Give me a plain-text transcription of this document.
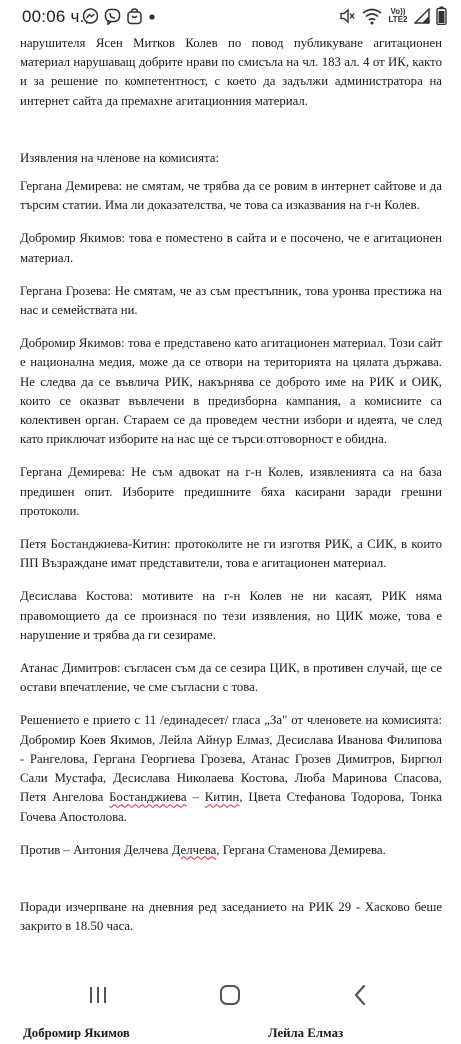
00:06 ч.	Vo))
LTE2

нарушителя Ясен Митков Колев по повод публикуване агитационен материал нарушаващ добрите нрави по смисъла на чл. 183 ал. 4 от ИК, както и за решение по компетентност, с което да задължи администратора на интернет сайта да премахне агитационния материал.

Изявления на членове на комисията:

Гергана Демирева: не смятам, че трябва да се ровим в интернет сайтове и да търсим статии. Има ли доказателства, че това са изказвания на г-н Колев.

Добромир Якимов: това е поместено в сайта и е посочено, че е агитационен материал.

Гергана Грозева: Не смятам, че аз съм престъпник, това уронва престижа на нас и семействата ни.

Добромир Якимов: това е представено като агитационен материал. Този сайт е национална медия, може да се отвори на територията на цялата държава. Не следва да се въвлича РИК, накърнява се доброто име на РИК и ОИК, които се оказват въвлечени в предизборна кампания, а комисиите са колективен орган. Стараем се да проведем честни избори и идеята, че след като приключат изборите на нас ще се търси отговорност е обидна.

Гергана Демирева: Не съм адвокат на г-н Колев, изявленията са на база предишен опит. Изборите предишните бяха касирани заради грешни протоколи.

Петя Бостанджиева-Китин: протоколите не ги изготвя РИК, а СИК, в които ПП Възраждане имат представители, това е агитационен материал.

Десислава Костова: мотивите на г-н Колев не ни касаят, РИК няма правомощието да се произнася по тези изявления, но ЦИК може, това е нарушение и трябва да ги сезираме.

Атанас Димитров: съгласен съм да се сезира ЦИК, в противен случай, ще се остави впечатление, че сме съгласни с това.

Решението е прието с 11 /единадесет/ гласа „За" от членовете на комисията: Добромир Коев Якимов, Лейла Айнур Елмаз, Десислава Иванова Филипова - Рангелова, Гергана Георгиева Грозева, Атанас Грозев Димитров, Биргюл Сали Мустафа, Десислава Николаева Костова, Люба Маринова Спасова, Петя Ангелова Бостанджиева – Китин, Цвета Стефанова Тодорова, Тонка Гочева Апостолова.

Против – Антония Делчева Делчева, Гергана Стаменова Демирева.

Поради изчерпване на дневния ред заседанието на РИК 29 - Хасково беше закрито в 18.50 часа.

Добромир Якимов	Лейла Елмаз
